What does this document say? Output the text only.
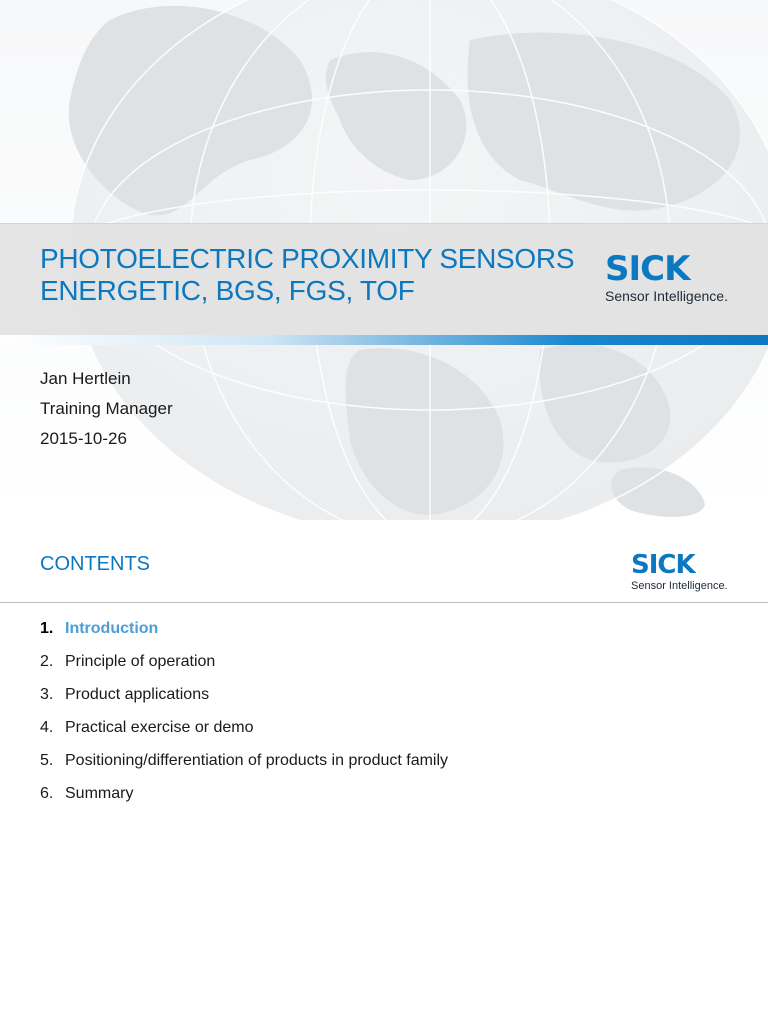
PHOTOELECTRIC PROXIMITY SENSORS
ENERGETIC, BGS, FGS, TOF
SICK
Sensor Intelligence.
Jan Hertlein
Training Manager
2015-10-26
CONTENTS	SICK
Sensor Intelligence.
1. Introduction
2. Principle of operation
3. Product applications
4. Practical exercise or demo
5. Positioning/differentiation of products in product family
6. Summary
